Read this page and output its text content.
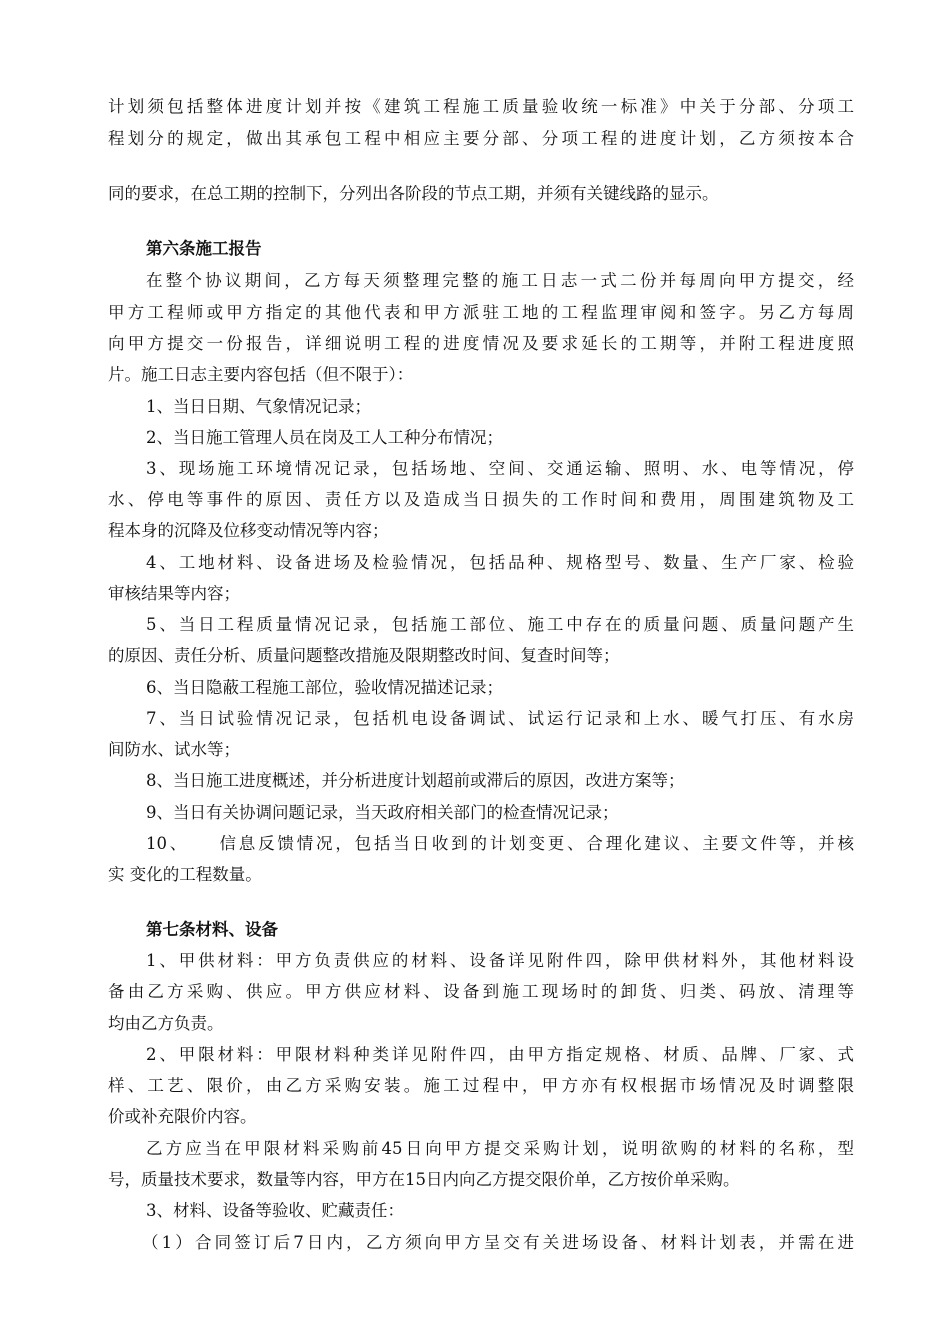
计划须包括整体进度计划并按《建筑工程施工质量验收统一标准》中关于分部、分项工
程划分的规定，做出其承包工程中相应主要分部、分项工程的进度计划，乙方须按本合
同的要求，在总工期的控制下，分列出各阶段的节点工期，并须有关键线路的显示。
第六条施工报告
在整个协议期间，乙方每天须整理完整的施工日志一式二份并每周向甲方提交，经
甲方工程师或甲方指定的其他代表和甲方派驻工地的工程监理审阅和签字。另乙方每周
向甲方提交一份报告，详细说明工程的进度情况及要求延长的工期等，并附工程进度照
片。施工日志主要内容包括（但不限于）：
1、当日日期、气象情况记录；
2、当日施工管理人员在岗及工人工种分布情况；
3、现场施工环境情况记录，包括场地、空间、交通运输、照明、水、电等情况，停
水、停电等事件的原因、责任方以及造成当日损失的工作时间和费用，周围建筑物及工
程本身的沉降及位移变动情况等内容；
4、工地材料、设备进场及检验情况，包括品种、规格型号、数量、生产厂家、检验
审核结果等内容；
5、当日工程质量情况记录，包括施工部位、施工中存在的质量问题、质量问题产生
的原因、责任分析、质量问题整改措施及限期整改时间、复查时间等；
6、当日隐蔽工程施工部位，验收情况描述记录；
7、当日试验情况记录，包括机电设备调试、试运行记录和上水、暖气打压、有水房
间防水、试水等；
8、当日施工进度概述，并分析进度计划超前或滞后的原因，改进方案等；
9、当日有关协调问题记录，当天政府相关部门的检查情况记录；
10、　　信息反馈情况，包括当日收到的计划变更、合理化建议、主要文件等，并核
实 变化的工程数量。
第七条材料、设备
1、甲供材料：甲方负责供应的材料、设备详见附件四，除甲供材料外，其他材料设
备由乙方采购、供应。甲方供应材料、设备到施工现场时的卸货、归类、码放、清理等
均由乙方负责。
2、甲限材料：甲限材料种类详见附件四，由甲方指定规格、材质、品牌、厂家、式
样、工艺、限价，由乙方采购安装。施工过程中，甲方亦有权根据市场情况及时调整限
价或补充限价内容。
乙方应当在甲限材料采购前45日向甲方提交采购计划，说明欲购的材料的名称，型
号，质量技术要求，数量等内容，甲方在15日内向乙方提交限价单，乙方按价单采购。
3、材料、设备等验收、贮藏责任：
（1）合同签订后7日内，乙方须向甲方呈交有关进场设备、材料计划表，并需在进
